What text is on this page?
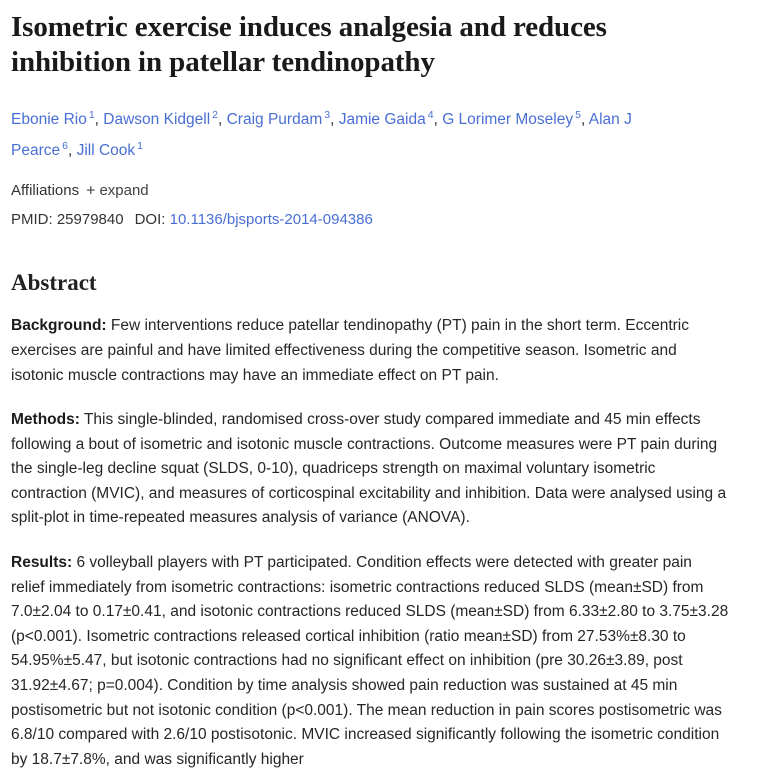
Isometric exercise induces analgesia and reduces inhibition in patellar tendinopathy
Ebonie Rio $^1$, Dawson Kidgell $^2$, Craig Purdam $^3$, Jamie Gaida $^4$, G Lorimer Moseley $^5$, Alan J Pearce $^6$, Jill Cook $^1$
Affiliations + expand
PMID: 25979840 DOI: 10.1136/bjsports-2014-094386
Abstract

Background: Few interventions reduce patellar tendinopathy (PT) pain in the short term. Eccentric exercises are painful and have limited effectiveness during the competitive season. Isometric and isotonic muscle contractions may have an immediate effect on PT pain.

Methods: This single-blinded, randomised cross-over study compared immediate and 45 min effects following a bout of isometric and isotonic muscle contractions. Outcome measures were PT pain during the single-leg decline squat (SLDS, 0-10), quadriceps strength on maximal voluntary isometric contraction (MVIC), and measures of corticospinal excitability and inhibition. Data were analysed using a split-plot in time-repeated measures analysis of variance (ANOVA).

Results: 6 volleyball players with PT participated. Condition effects were detected with greater pain relief immediately from isometric contractions: isometric contractions reduced SLDS (mean±SD) from 7.0±2.04 to 0.17±0.41, and isotonic contractions reduced SLDS (mean±SD) from 6.33±2.80 to 3.75±3.28 (p<0.001). Isometric contractions released cortical inhibition (ratio mean±SD) from 27.53%±8.30 to 54.95%±5.47, but isotonic contractions had no significant effect on inhibition (pre 30.26±3.89, post 31.92±4.67; p=0.004). Condition by time analysis showed pain reduction was sustained at 45 min postisometric but not isotonic condition (p<0.001). The mean reduction in pain scores postisometric was 6.8/10 compared with 2.6/10 postisotonic. MVIC increased significantly following the isometric condition by 18.7±7.8%, and was significantly higher
